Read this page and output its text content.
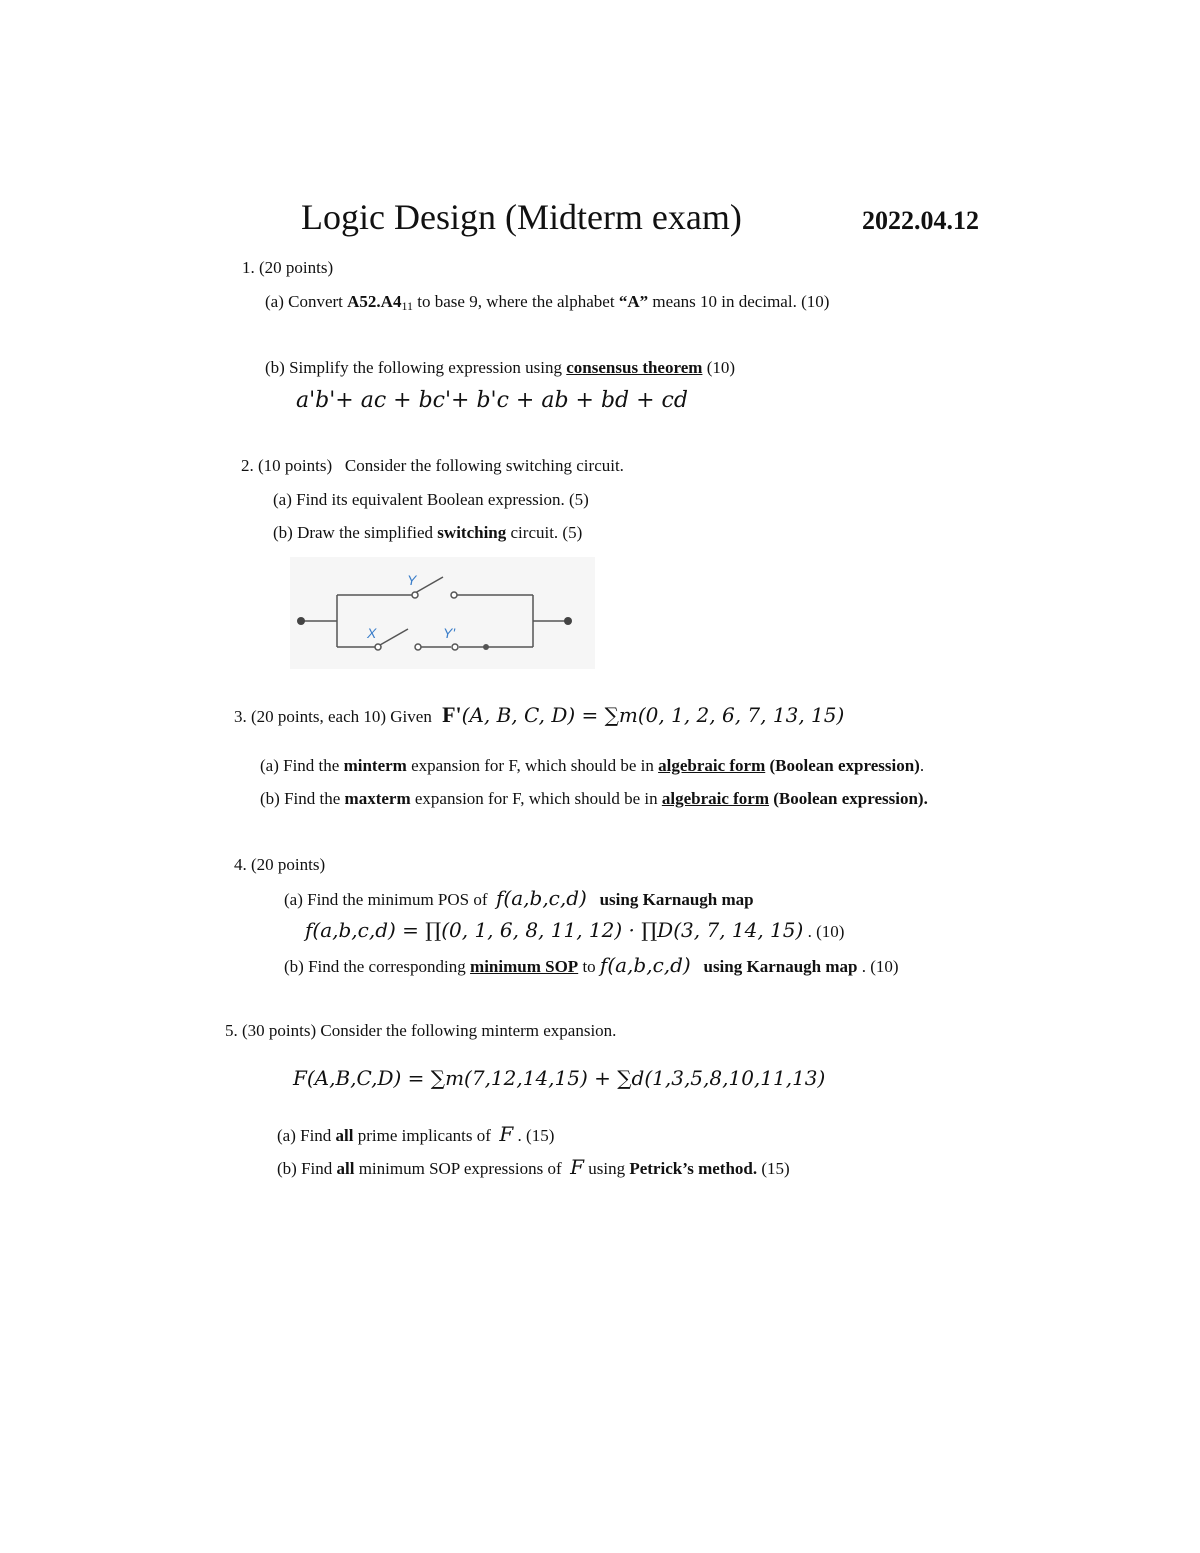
Logic Design (Midterm exam)	2022.04.12
1. (20 points)
(a) Convert $A52.A4_{11}$ to base 9, where the alphabet “A” means 10 in decimal. (10)
(b) Simplify the following expression using consensus theorem (10)
a'b'+ ac + bc'+ b'c + ab + bd + cd
2. (10 points) Consider the following switching circuit.
(a) Find its equivalent Boolean expression. (5)
(b) Draw the simplified switching circuit. (5)
Y
X	Y'
3. (20 points, each 10) Given F'(A, B, C, D) = ∑m(0, 1, 2, 6, 7, 13, 15)
(a) Find the minterm expansion for F, which should be in algebraic form (Boolean expression).
(b) Find the maxterm expansion for F, which should be in algebraic form (Boolean expression).
4. (20 points)
(a) Find the minimum POS of  f(a,b,c,d) using Karnaugh map
f(a,b,c,d) = ∏(0, 1, 6, 8, 11, 12) · ∏D(3, 7, 14, 15) . (10)
(b) Find the corresponding minimum SOP to f(a,b,c,d) using Karnaugh map . (10)
5. (30 points) Consider the following minterm expansion.
F(A,B,C,D) = ∑m(7,12,14,15) + ∑d(1,3,5,8,10,11,13)
(a) Find all prime implicants of  F . (15)
(b) Find all minimum SOP expressions of  F using Petrick’s method. (15)
